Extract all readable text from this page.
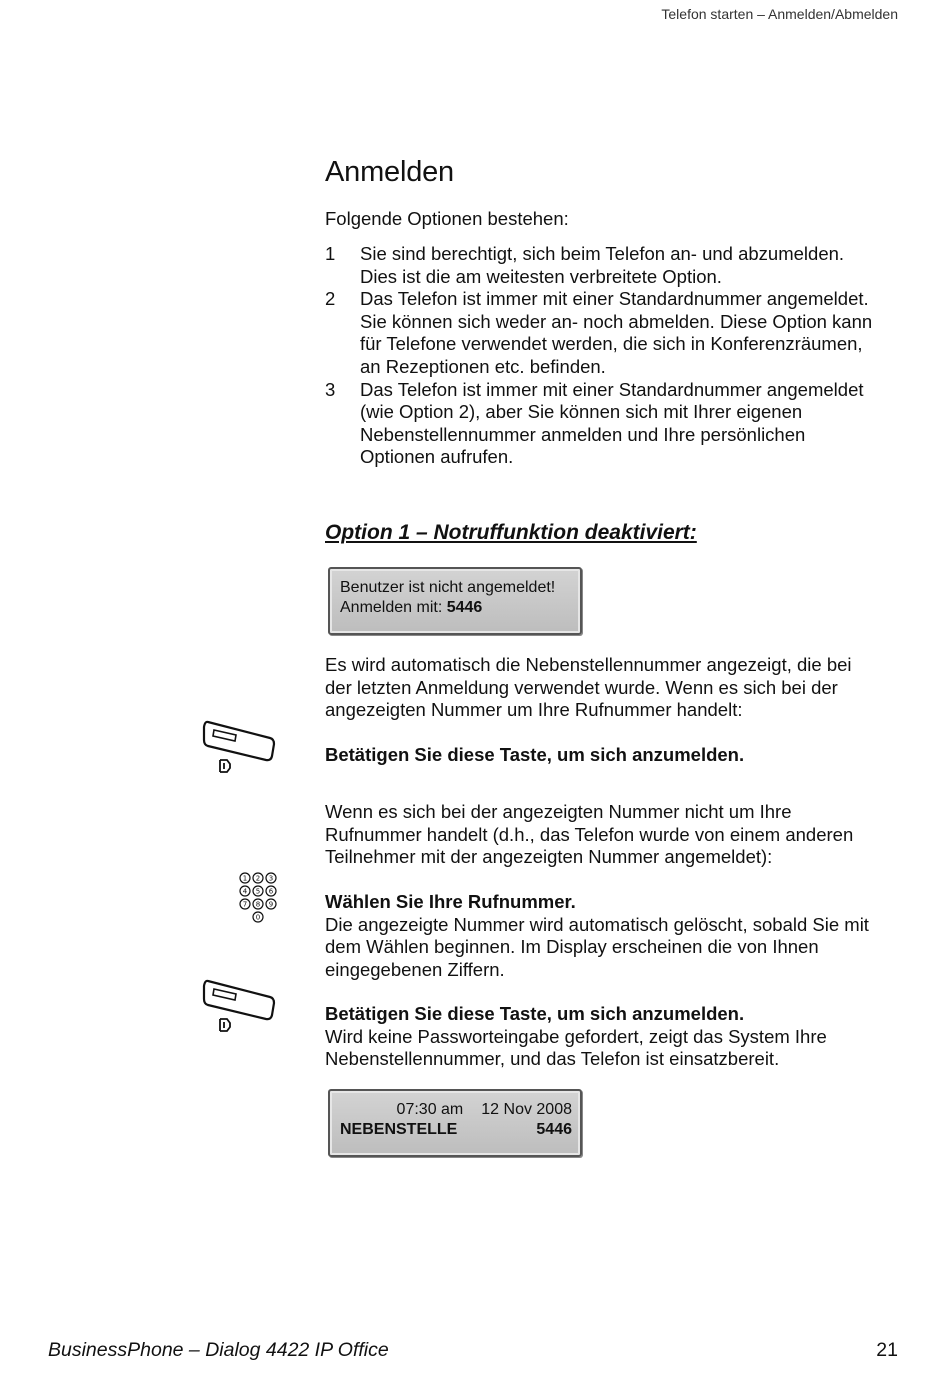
Telefon starten – Anmelden/Abmelden
Anmelden

Folgende Optionen bestehen:

1 Sie sind berechtigt, sich beim Telefon an- und abzumelden.
Dies ist die am weitesten verbreitete Option.
2 Das Telefon ist immer mit einer Standardnummer angemeldet.
Sie können sich weder an- noch abmelden. Diese Option kann
für Telefone verwendet werden, die sich in Konferenzräumen,
an Rezeptionen etc. befinden.
3 Das Telefon ist immer mit einer Standardnummer angemeldet
(wie Option 2), aber Sie können sich mit Ihrer eigenen
Nebenstellennummer anmelden und Ihre persönlichen
Optionen aufrufen.
Option 1 – Notruffunktion deaktiviert:
Benutzer ist nicht angemeldet!
Anmelden mit: 5446

Es wird automatisch die Nebenstellennummer angezeigt, die bei
der letzten Anmeldung verwendet wurde. Wenn es sich bei der
angezeigten Nummer um Ihre Rufnummer handelt:

Betätigen Sie diese Taste, um sich anzumelden.

Wenn es sich bei der angezeigten Nummer nicht um Ihre
Rufnummer handelt (d.h., das Telefon wurde von einem anderen
Teilnehmer mit der angezeigten Nummer angemeldet):

1 2 3
4 5 6
7 8 9
0

Wählen Sie Ihre Rufnummer.
Die angezeigte Nummer wird automatisch gelöscht, sobald Sie mit
dem Wählen beginnen. Im Display erscheinen die von Ihnen
eingegebenen Ziffern.

Betätigen Sie diese Taste, um sich anzumelden.
Wird keine Passworteingabe gefordert, zeigt das System Ihre
Nebenstellennummer, und das Telefon ist einsatzbereit.

07:30 am 12 Nov 2008
NEBENSTELLE	5446
BusinessPhone – Dialog 4422 IP Office	21
